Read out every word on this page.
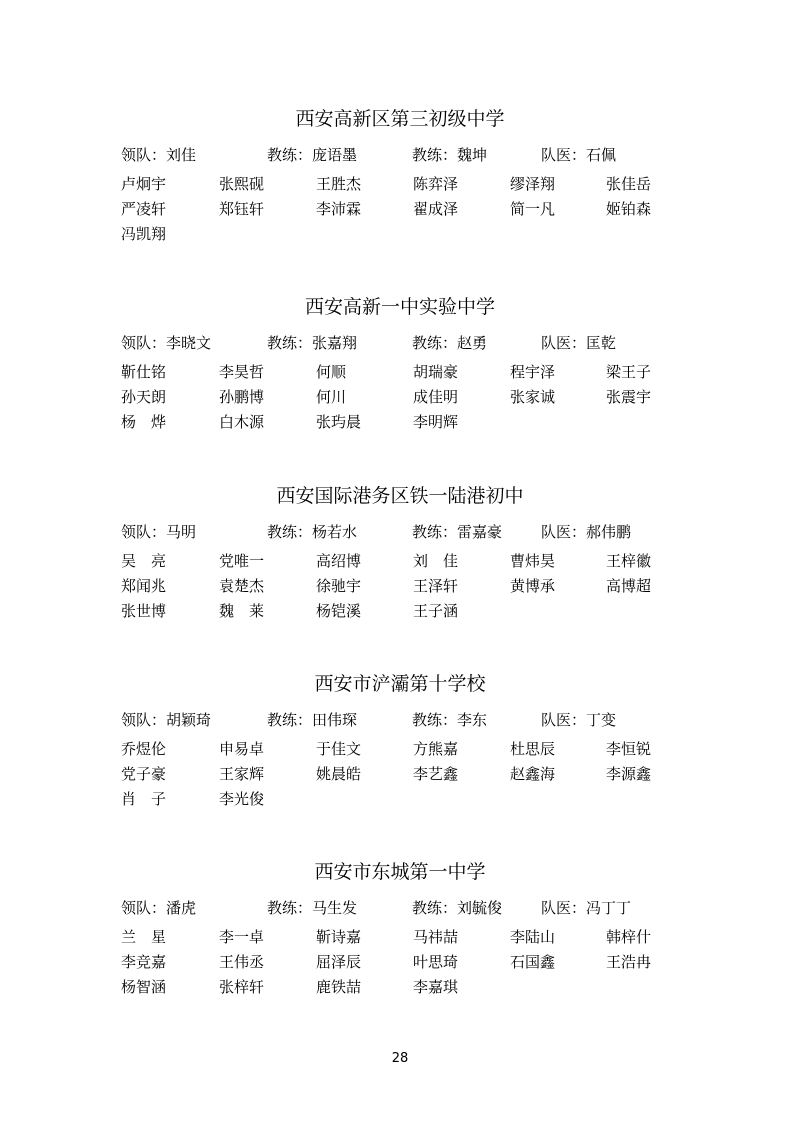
西安高新区第三初级中学
领队：刘佳	教练：庞语墨	教练：魏坤	队医：石佩
卢炯宇	张熙砚	王胜杰	陈弈泽	缪泽翔	张佳岳
严凌轩	郑钰轩	李沛霖	翟成泽	简一凡	姬铂森
冯凯翔
西安高新一中实验中学
领队：李晓文	教练：张嘉翔	教练：赵勇	队医：匡乾
靳仕铭	李昊哲	何顺	胡瑞豪	程宇泽	梁王子
孙天朗	孙鹏博	何川	成佳明	张家诚	张震宇
杨　烨	白木源	张玙晨	李明辉
西安国际港务区铁一陆港初中
领队：马明	教练：杨若水	教练：雷嘉豪	队医：郝伟鹏
吴　亮	党唯一	高绍博	刘　佳	曹炜昊	王梓徽
郑闻兆	袁楚杰	徐驰宇	王泽轩	黄博承	高博超
张世博	魏　莱	杨铠溪	王子涵
西安市浐灞第十学校
领队：胡颖琦	教练：田伟琛	教练：李东	队医：丁变
乔煜伦	申易卓	于佳文	方熊嘉	杜思辰	李恒锐
党子豪	王家辉	姚晨皓	李艺鑫	赵鑫海	李源鑫
肖　子	李光俊
西安市东城第一中学
领队：潘虎	教练：马生发	教练：刘毓俊	队医：冯丁丁
兰　星	李一卓	靳诗嘉	马祎喆	李陆山	韩梓什
李竞嘉	王伟丞	屈泽辰	叶思琦	石国鑫	王浩冉
杨智涵	张梓轩	鹿铁喆	李嘉琪
28
